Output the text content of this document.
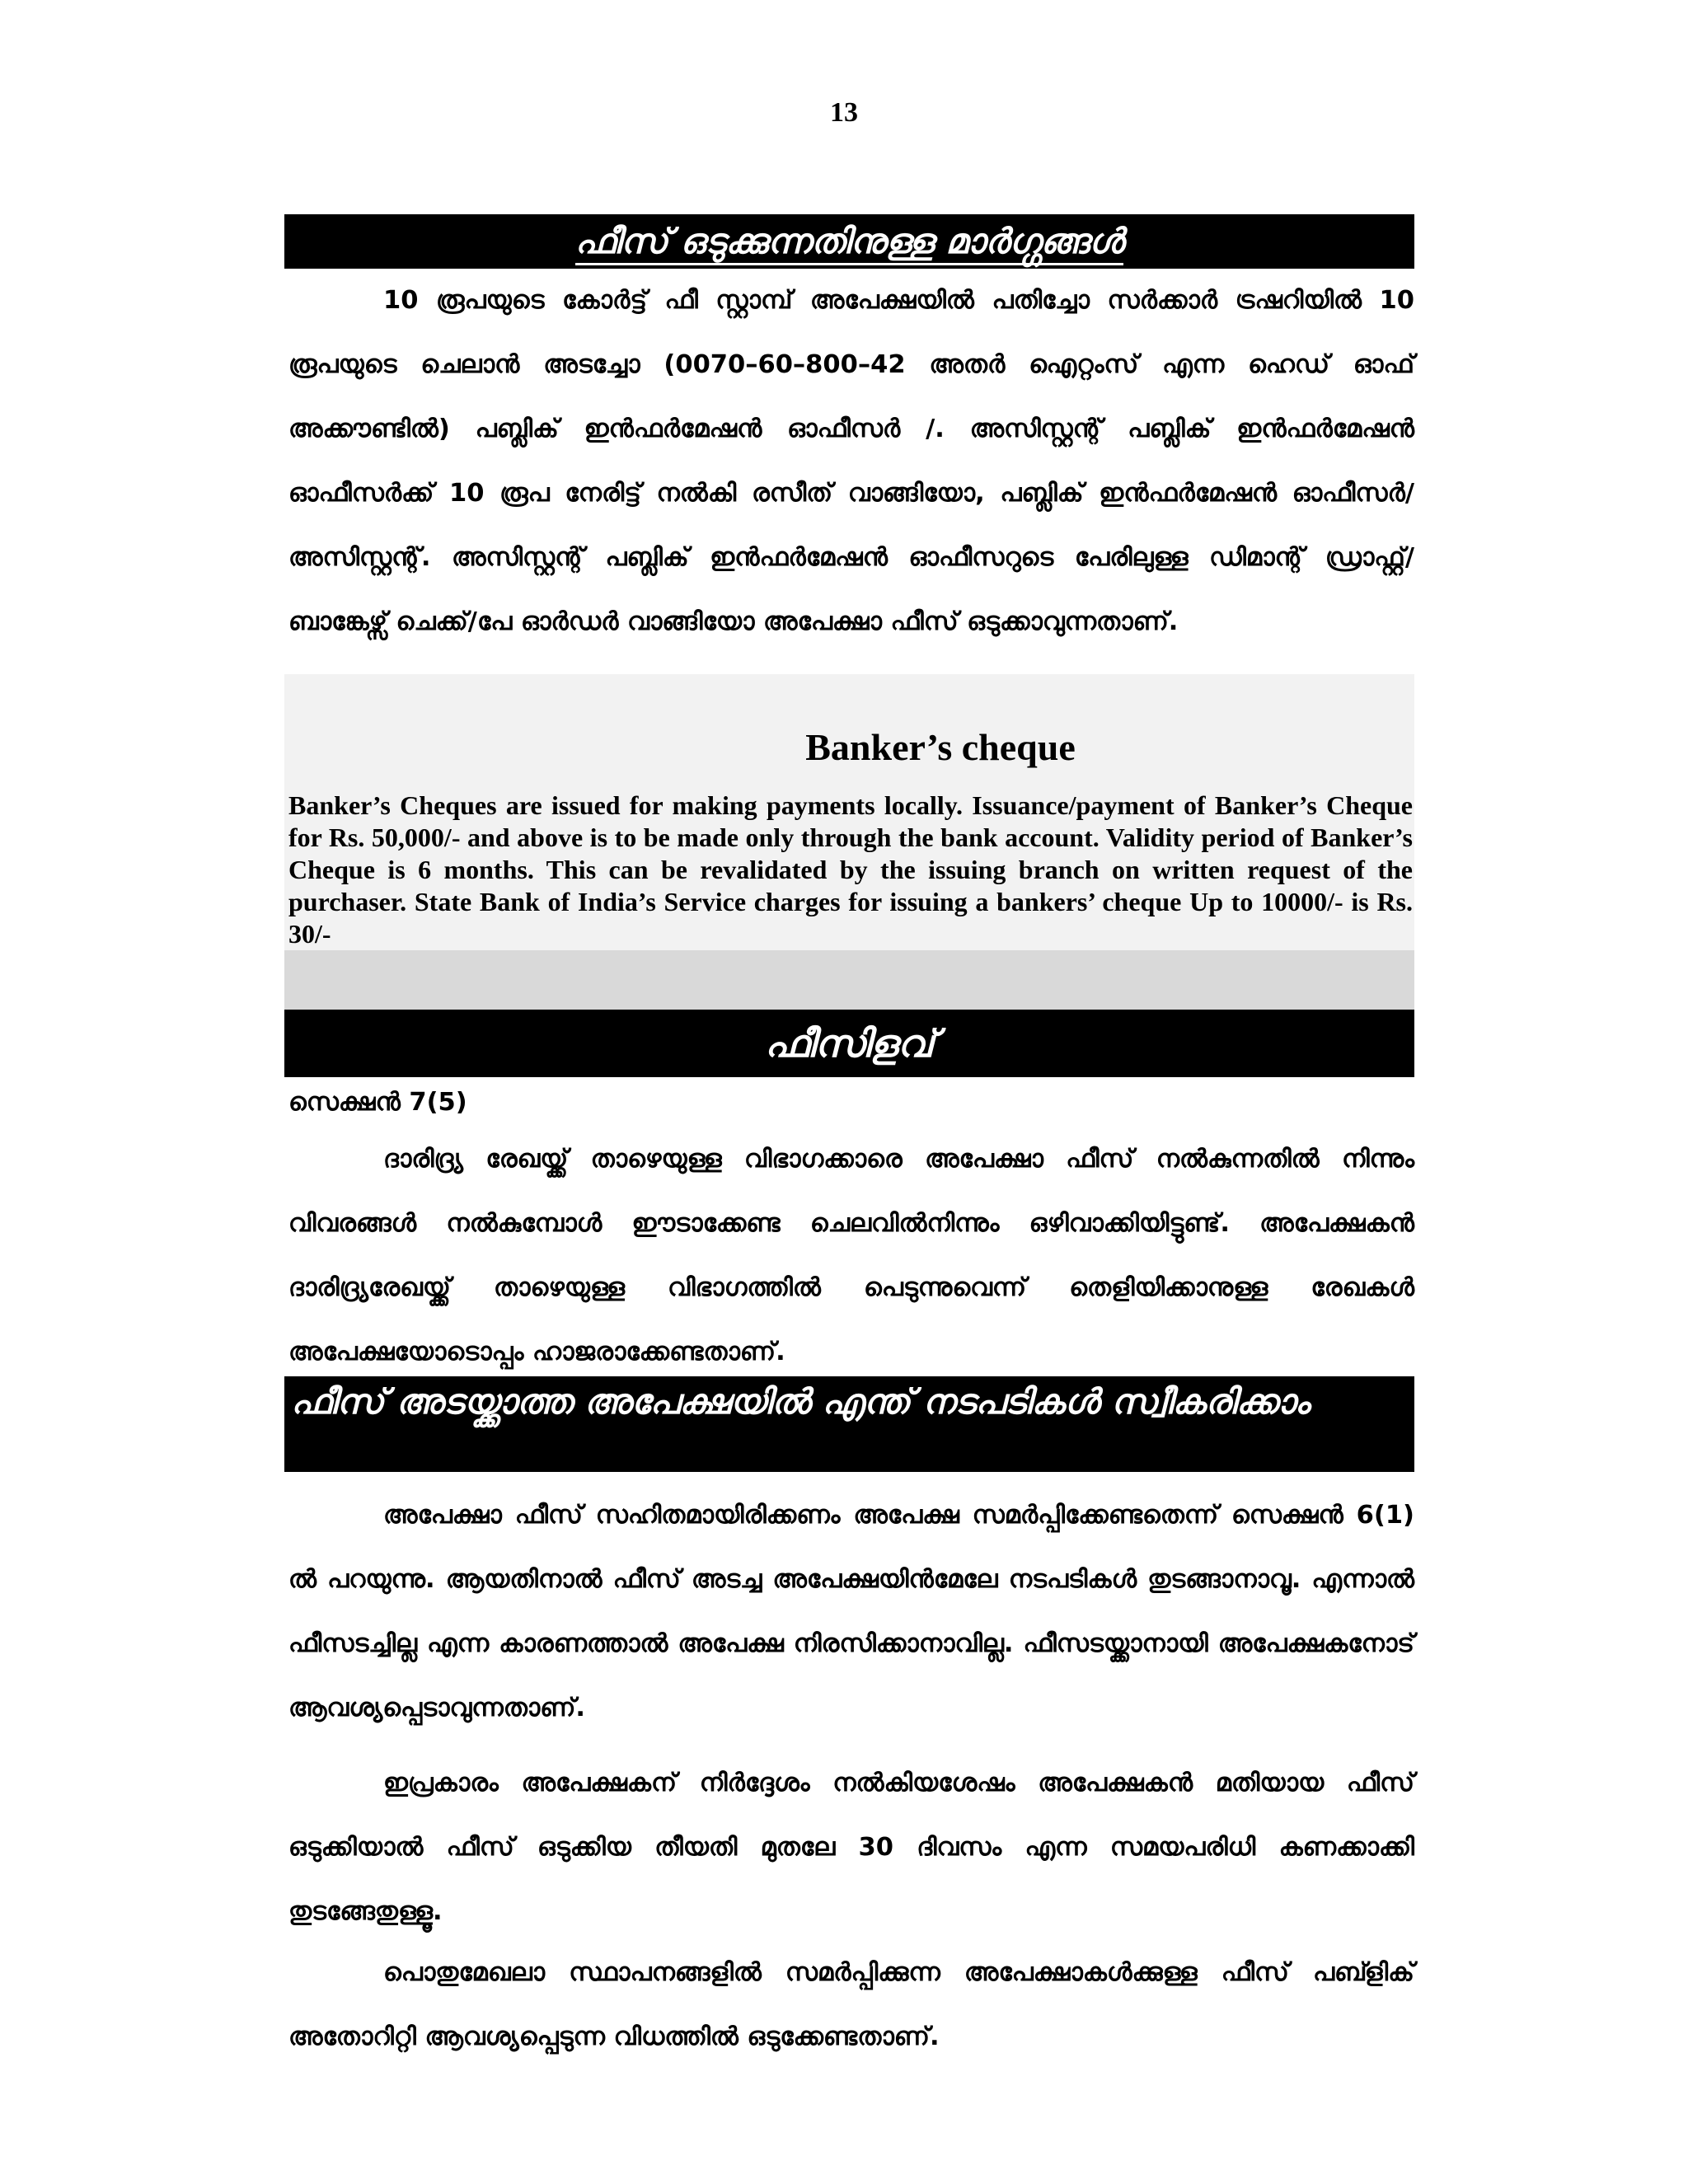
13
ഫീസ് ഒടുക്കുന്നതിനുള്ള മാർഗ്ഗങ്ങൾ

10 രൂപയുടെ കോർട്ട് ഫീ സ്റ്റാമ്പ് അപേക്ഷയിൽ പതിച്ചോ സർക്കാർ ട്രഷറിയിൽ 10 രൂപയുടെ ചെലാൻ അടച്ചോ (0070–60–800–42 അതർ ഐറ്റംസ് എന്ന ഹെഡ് ഓഫ് അക്കൗണ്ടിൽ) പബ്ലിക് ഇൻഫർമേഷൻ ഓഫീസർ /. അസിസ്റ്റന്റ് പബ്ലിക് ഇൻഫർമേഷൻ ഓഫീസർക്ക് 10 രൂപ നേരിട്ട് നൽകി രസീത് വാങ്ങിയോ, പബ്ലിക് ഇൻഫർമേഷൻ ഓഫീസർ/അസിസ്റ്റന്റ്. അസിസ്റ്റന്റ് പബ്ലിക് ഇൻഫർമേഷൻ ഓഫീസറുടെ പേരിലുള്ള ഡിമാന്റ് ഡ്രാഫ്റ്റ്/ബാങ്കേഴ്സ് ചെക്ക്/പേ ഓർഡർ വാങ്ങിയോ അപേക്ഷാ ഫീസ് ഒടുക്കാവുന്നതാണ്.

Banker’s cheque

Banker’s Cheques are issued for making payments locally. Issuance/payment of Banker’s Cheque for Rs. 50,000/- and above is to be made only through the bank account. Validity period of Banker’s Cheque is 6 months. This can be revalidated by the issuing branch on written request of the purchaser. State Bank of India’s Service charges for issuing a bankers’ cheque Up to 10000/- is Rs. 30/-

ഫീസിളവ്
സെക്ഷൻ 7(5)

ദാരിദ്ര്യ രേഖയ്ക്ക് താഴെയുള്ള വിഭാഗക്കാരെ അപേക്ഷാ ഫീസ് നൽകുന്നതിൽ നിന്നും വിവരങ്ങൾ നൽകുമ്പോൾ ഈടാക്കേണ്ട ചെലവിൽനിന്നും ഒഴിവാക്കിയിട്ടുണ്ട്. അപേക്ഷകൻ ദാരിദ്ര്യരേഖയ്ക്ക് താഴെയുള്ള വിഭാഗത്തിൽ പെടുന്നുവെന്ന് തെളിയിക്കാനുള്ള രേഖകൾ അപേക്ഷയോടൊപ്പം ഹാജരാക്കേണ്ടതാണ്.

ഫീസ് അടയ്ക്കാത്ത അപേക്ഷയിൽ എന്ത് നടപടികൾ സ്വീകരിക്കാം

അപേക്ഷാ ഫീസ് സഹിതമായിരിക്കണം അപേക്ഷ സമർപ്പിക്കേണ്ടതെന്ന് സെക്ഷൻ 6(1) ൽ പറയുന്നു. ആയതിനാൽ ഫീസ് അടച്ച അപേക്ഷയിൻമേലേ നടപടികൾ തുടങ്ങാനാവൂ. എന്നാൽ ഫീസടച്ചില്ല എന്ന കാരണത്താൽ അപേക്ഷ നിരസിക്കാനാവില്ല. ഫീസടയ്ക്കാനായി അപേക്ഷകനോട് ആവശ്യപ്പെടാവുന്നതാണ്.

ഇപ്രകാരം അപേക്ഷകന് നിർദ്ദേശം നൽകിയശേഷം അപേക്ഷകൻ മതിയായ ഫീസ് ഒടുക്കിയാൽ ഫീസ് ഒടുക്കിയ തീയതി മുതലേ 30 ദിവസം എന്ന സമയപരിധി കണക്കാക്കി തുടങ്ങേതുള്ളൂ.

പൊതുമേഖലാ സ്ഥാപനങ്ങളിൽ സമർപ്പിക്കുന്ന അപേക്ഷാകൾക്കുള്ള ഫീസ് പബ്ളിക് അതോറിറ്റി ആവശ്യപ്പെടുന്ന വിധത്തിൽ ഒടുക്കേണ്ടതാണ്.
